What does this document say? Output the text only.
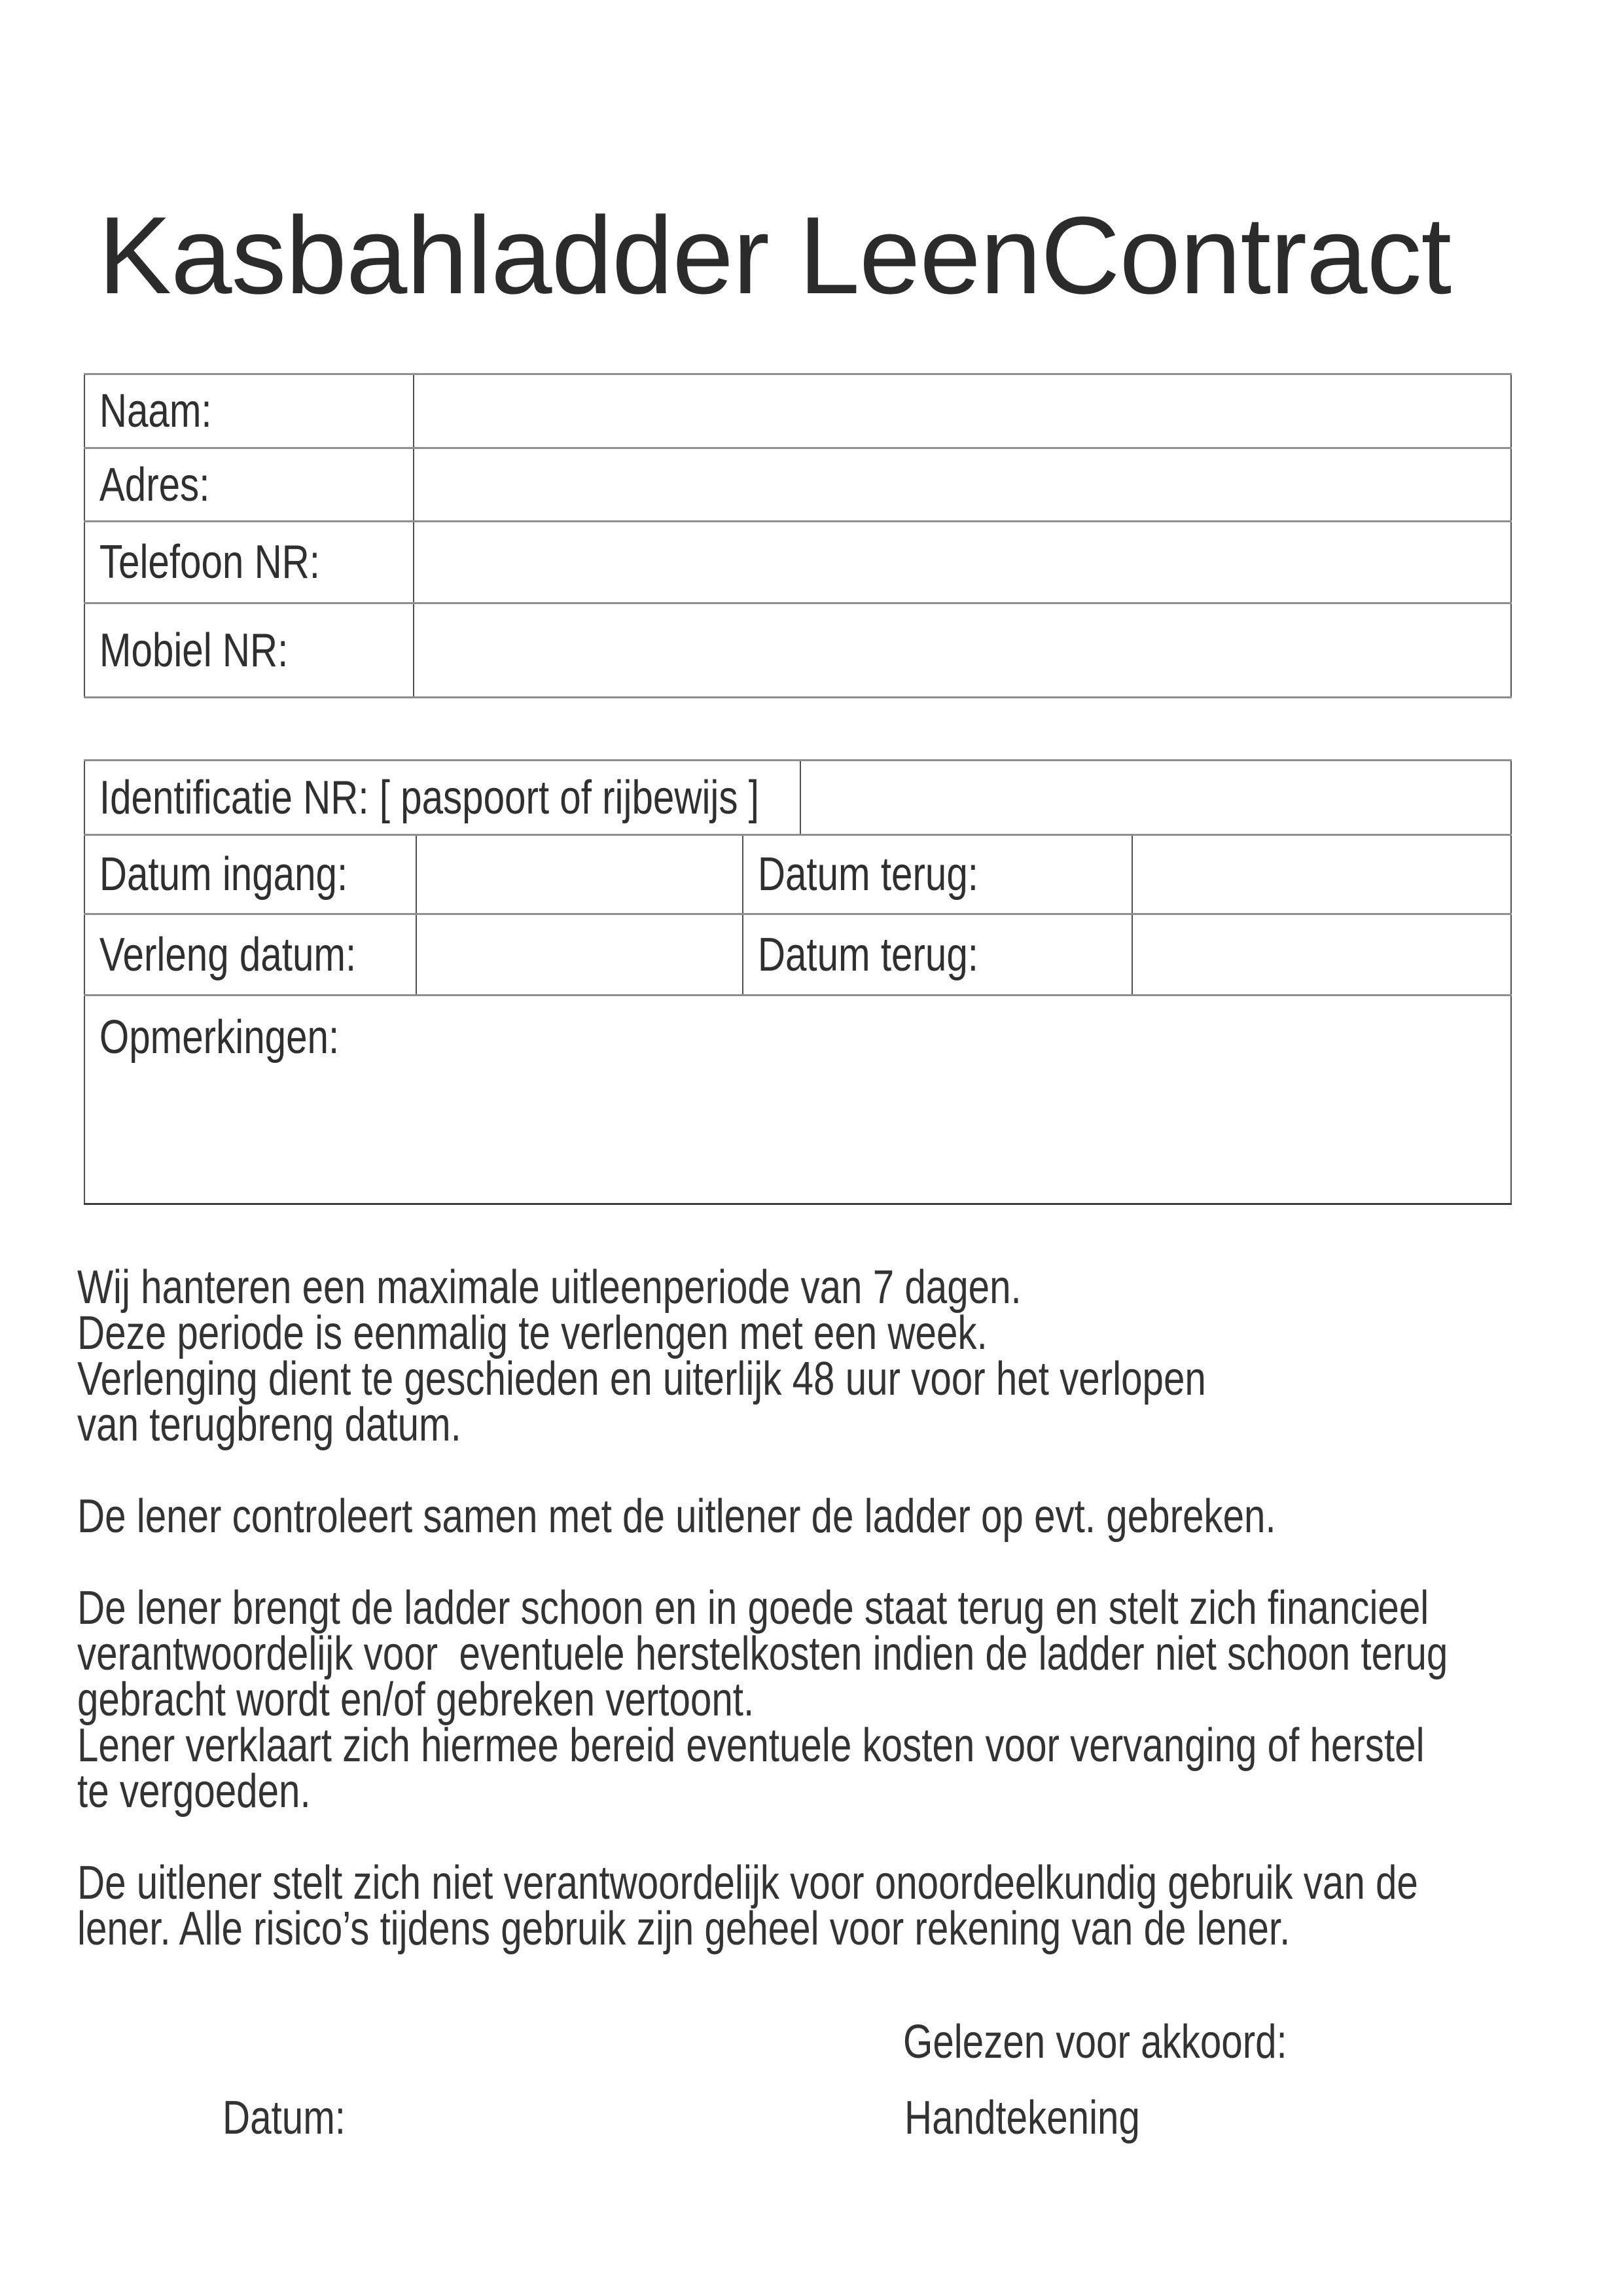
Kasbahladder LeenContract
Naam:	
Adres:	
Telefoon NR:	
Mobiel NR:	
Identificatie NR: [ paspoort of rijbewijs ]				
Datum ingang:		Datum terug:		
Verleng datum:		Datum terug:		
Opmerkingen:				
Wij hanteren een maximale uitleenperiode van 7 dagen.
Deze periode is eenmalig te verlengen met een week.
Verlenging dient te geschieden en uiterlijk 48 uur voor het verlopen
van terugbreng datum.
De lener controleert samen met de uitlener de ladder op evt. gebreken.
De lener brengt de ladder schoon en in goede staat terug en stelt zich financieel
verantwoordelijk voor  eventuele herstelkosten indien de ladder niet schoon terug
gebracht wordt en/of gebreken vertoont.
Lener verklaart zich hiermee bereid eventuele kosten voor vervanging of herstel
te vergoeden.
De uitlener stelt zich niet verantwoordelijk voor onoordeelkundig gebruik van de
lener. Alle risico’s tijdens gebruik zijn geheel voor rekening van de lener.
Gelezen voor akkoord:
Datum:	Handtekening
